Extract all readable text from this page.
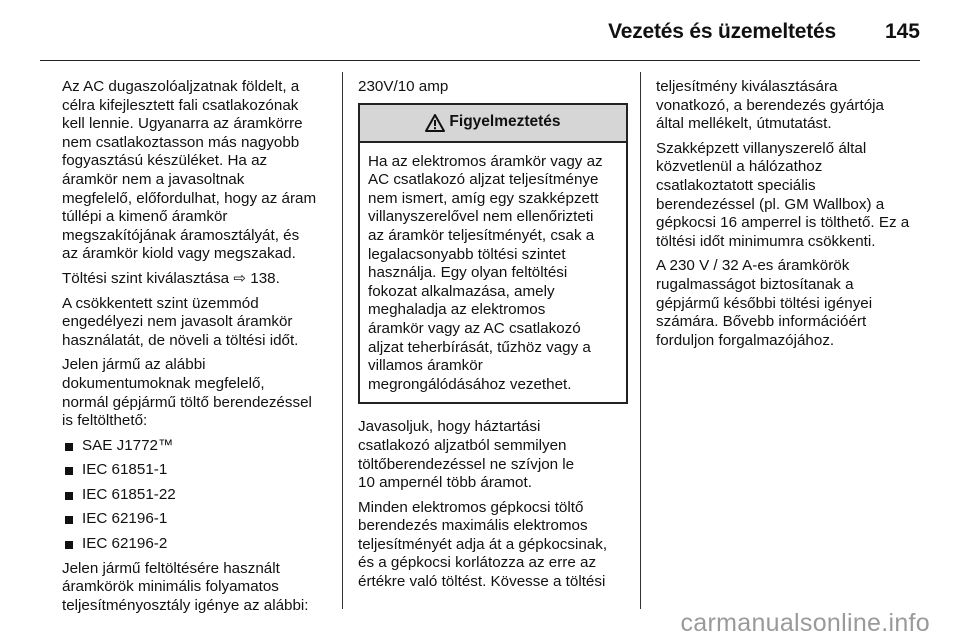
Vezetés és üzemeltetés 145

Az AC dugaszolóaljzatnak földelt, a
célra kifejlesztett fali csatlakozónak
kell lennie. Ugyanarra az áramkörre
nem csatlakoztasson más nagyobb
fogyasztású készüléket. Ha az
áramkör nem a javasoltnak
megfelelő, előfordulhat, hogy az áram
túllépi a kimenő áramkör
megszakítójának áramosztályát, és
az áramkör kiold vagy megszakad.

Töltési szint kiválasztása ⇨ 138.

A csökkentett szint üzemmód
engedélyezi nem javasolt áramkör
használatát, de növeli a töltési időt.

Jelen jármű az alábbi
dokumentumoknak megfelelő,
normál gépjármű töltő berendezéssel
is feltölthető:

SAE J1772™
IEC 61851-1
IEC 61851-22
IEC 62196-1
IEC 62196-2

Jelen jármű feltöltésére használt
áramkörök minimális folyamatos
teljesítményosztály igénye az alábbi:

230V/10 amp

Figyelmeztetés
Ha az elektromos áramkör vagy az
AC csatlakozó aljzat teljesítménye
nem ismert, amíg egy szakképzett
villanyszerelővel nem ellenőrizteti
az áramkör teljesítményét, csak a
legalacsonyabb töltési szintet
használja. Egy olyan feltöltési
fokozat alkalmazása, amely
meghaladja az elektromos
áramkör vagy az AC csatlakozó
aljzat teherbírását, tűzhöz vagy a
villamos áramkör
megrongálódásához vezethet.

Javasoljuk, hogy háztartási
csatlakozó aljzatból semmilyen
töltőberendezéssel ne szívjon le
10 ampernél több áramot.

Minden elektromos gépkocsi töltő
berendezés maximális elektromos
teljesítményét adja át a gépkocsinak,
és a gépkocsi korlátozza az erre az
értékre való töltést. Kövesse a töltési

teljesítmény kiválasztására
vonatkozó, a berendezés gyártója
által mellékelt, útmutatást.

Szakképzett villanyszerelő által
közvetlenül a hálózathoz
csatlakoztatott speciális
berendezéssel (pl. GM Wallbox) a
gépkocsi 16 amperrel is tölthető. Ez a
töltési időt minimumra csökkenti.

A 230 V / 32 A-es áramkörök
rugalmasságot biztosítanak a
gépjármű későbbi töltési igényei
számára. Bővebb információért
forduljon forgalmazójához.

carmanualsonline.info
